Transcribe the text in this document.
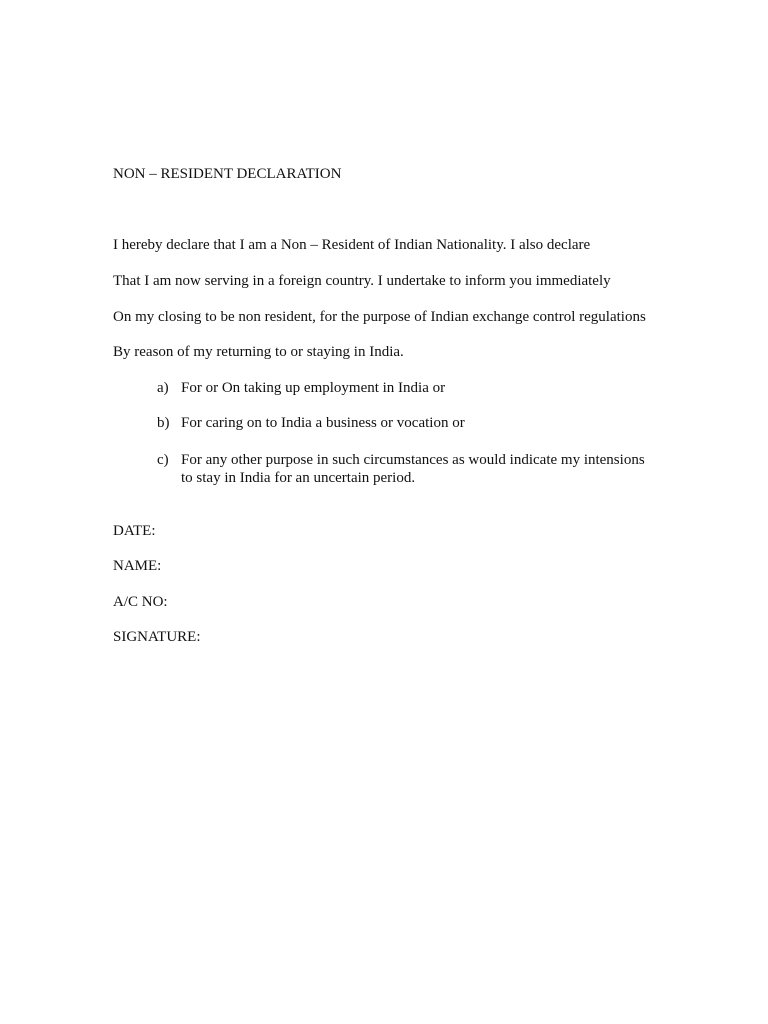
NON – RESIDENT DECLARATION
I hereby declare that I am a Non – Resident of Indian Nationality. I also declare
That I am now serving in a foreign country. I undertake to inform you immediately
On my closing to be non resident, for the purpose of Indian exchange control regulations
By reason of my returning to or staying in India.
a) For or On taking up employment in India or
b) For caring on to India a business or vocation or
c) For any other purpose in such circumstances as would indicate my intensions to stay in India for an uncertain period.
DATE:
NAME:
A/C NO:
SIGNATURE:
